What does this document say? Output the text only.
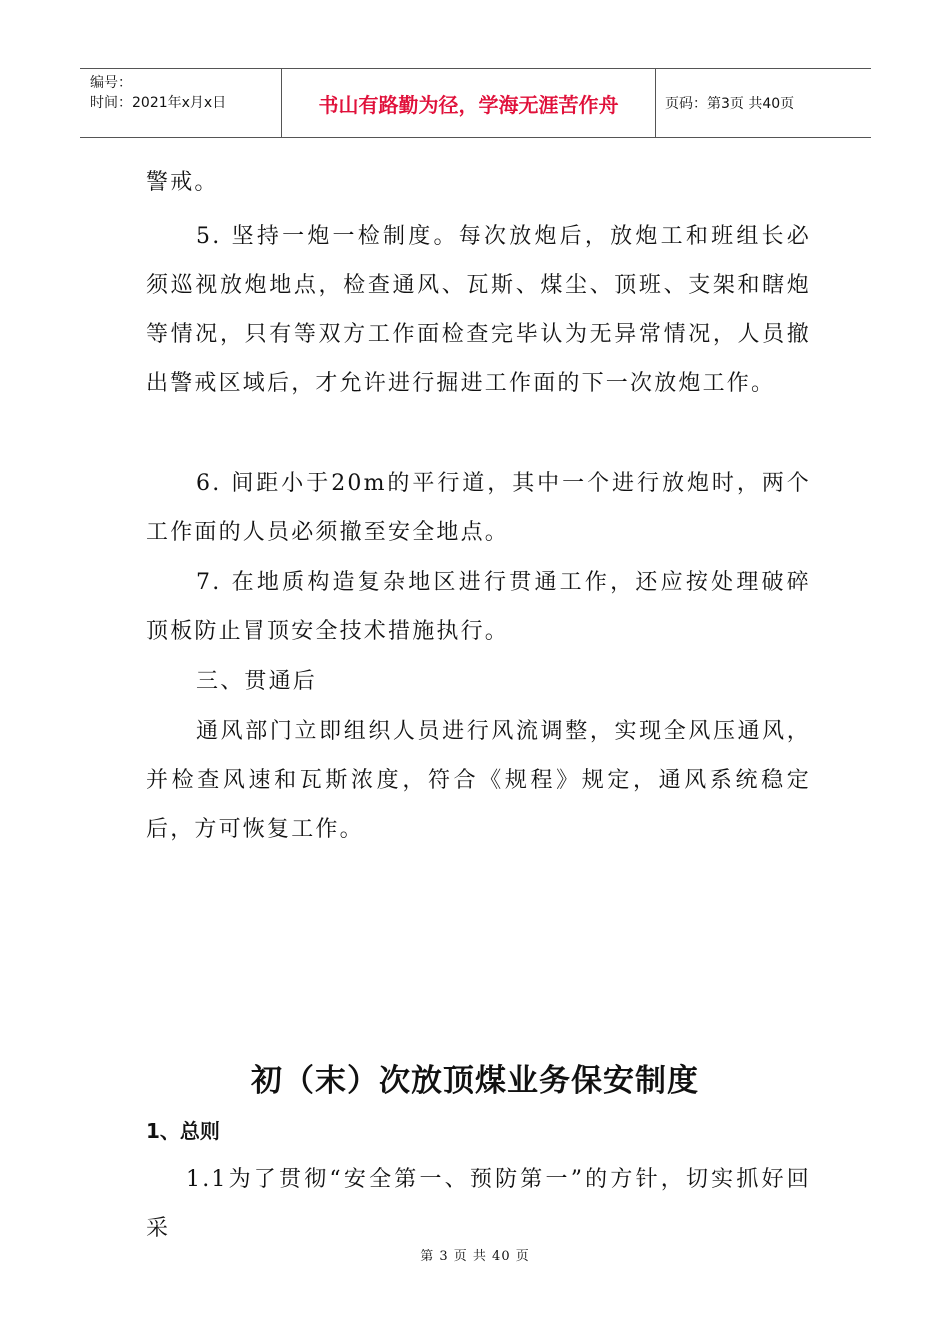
编号：
时间：2021年x月x日	书山有路勤为径，学海无涯苦作舟	页码：第3页 共40页

警戒。

5. 坚持一炮一检制度。每次放炮后，放炮工和班组长必须巡视放炮地点，检查通风、瓦斯、煤尘、顶班、支架和瞎炮等情况，只有等双方工作面检查完毕认为无异常情况，人员撤出警戒区域后，才允许进行掘进工作面的下一次放炮工作。

6. 间距小于20m的平行道，其中一个进行放炮时，两个工作面的人员必须撤至安全地点。

7. 在地质构造复杂地区进行贯通工作，还应按处理破碎顶板防止冒顶安全技术措施执行。

三、贯通后

通风部门立即组织人员进行风流调整，实现全风压通风，并检查风速和瓦斯浓度，符合《规程》规定，通风系统稳定后，方可恢复工作。

初（末）次放顶煤业务保安制度
1、总则

1.1为了贯彻“安全第一、预防第一”的方针，切实抓好回采

第 3 页 共 40 页
